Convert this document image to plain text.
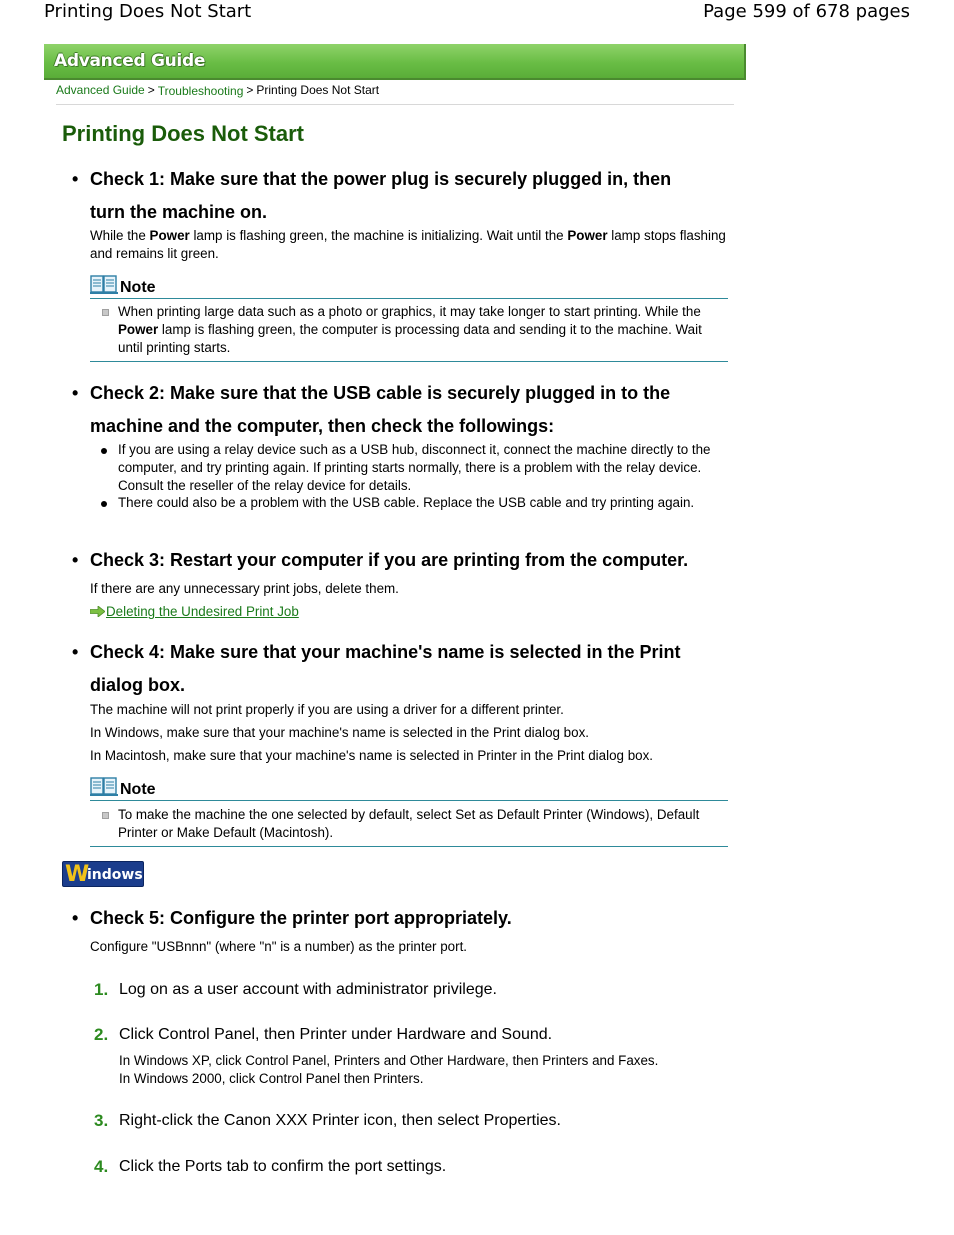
Printing Does Not Start	Page 599 of 678 pages
Advanced Guide
Advanced Guide > Troubleshooting > Printing Does Not Start
Printing Does Not Start
• Check 1: Make sure that the power plug is securely plugged in, then
turn the machine on.

While the Power lamp is flashing green, the machine is initializing. Wait until the Power lamp stops flashing and remains lit green.

Note
When printing large data such as a photo or graphics, it may take longer to start printing. While the Power lamp is flashing green, the computer is processing data and sending it to the machine. Wait until printing starts.
• Check 2: Make sure that the USB cable is securely plugged in to the
machine and the computer, then check the followings:
If you are using a relay device such as a USB hub, disconnect it, connect the machine directly to the computer, and try printing again. If printing starts normally, there is a problem with the relay device. Consult the reseller of the relay device for details.
There could also be a problem with the USB cable. Replace the USB cable and try printing again.
• Check 3: Restart your computer if you are printing from the computer.

If there are any unnecessary print jobs, delete them.

Deleting the Undesired Print Job
• Check 4: Make sure that your machine's name is selected in the Print
dialog box.

The machine will not print properly if you are using a driver for a different printer.

In Windows, make sure that your machine's name is selected in the Print dialog box.

In Macintosh, make sure that your machine's name is selected in Printer in the Print dialog box.

Note
To make the machine the one selected by default, select Set as Default Printer (Windows), Default Printer or Make Default (Macintosh).
W
indows
• Check 5: Configure the printer port appropriately.

Configure "USBnnn" (where "n" is a number) as the printer port.

1. Log on as a user account with administrator privilege.
2. Click Control Panel, then Printer under Hardware and Sound.

In Windows XP, click Control Panel, Printers and Other Hardware, then Printers and Faxes.

In Windows 2000, click Control Panel then Printers.

3. Right-click the Canon XXX Printer icon, then select Properties.
4. Click the Ports tab to confirm the port settings.
